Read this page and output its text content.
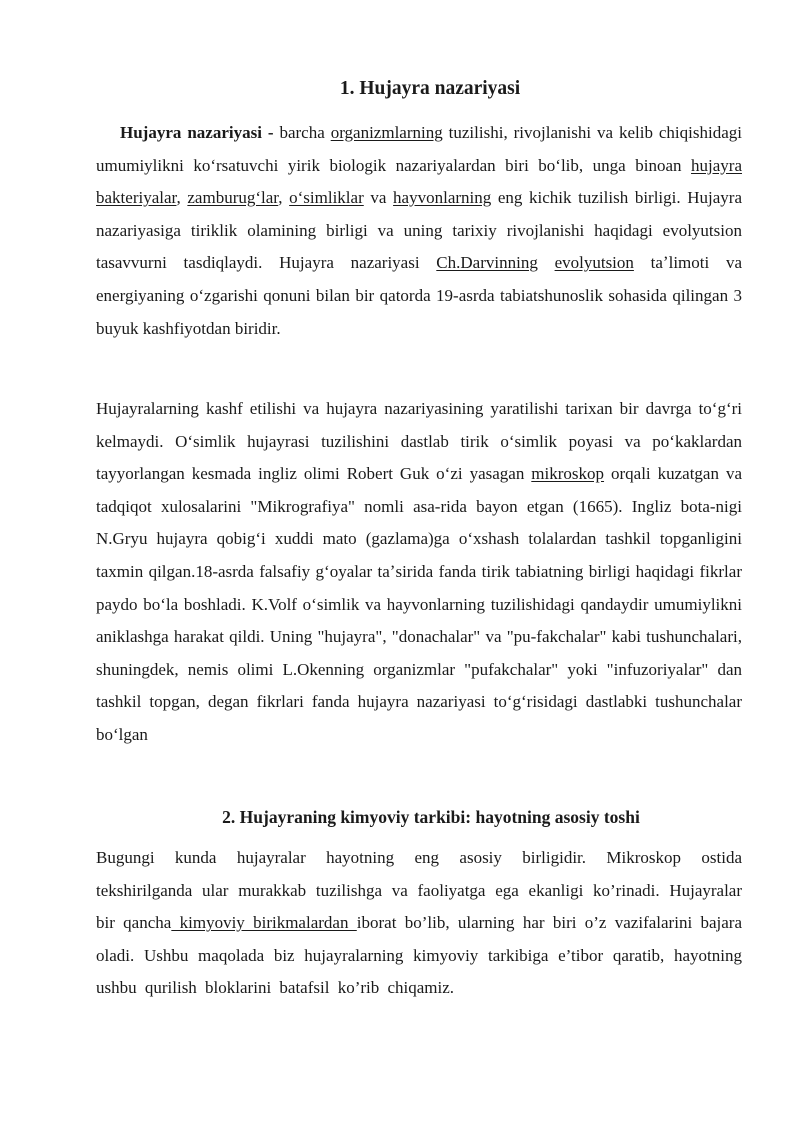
1. Hujayra nazariyasi

Hujayra nazariyasi - barcha organizmlarning tuzilishi, rivojlanishi va kelib chiqishidagi umumiylikni koʻrsatuvchi yirik biologik nazariyalardan biri boʻlib, unga binoan hujayra bakteriyalar, zamburugʻlar, oʻsimliklar va hayvonlarning eng kichik tuzilish birligi. Hujayra nazariyasiga tiriklik olamining birligi va uning tarixiy rivojlanishi haqidagi evolyutsion tasavvurni tasdiqlaydi. Hujayra nazariyasi Ch.Darvinning evolyutsion taʼlimoti va energiyaning oʻzgarishi qonuni bilan bir qatorda 19-asrda tabiatshunoslik sohasida qilingan 3 buyuk kashfiyotdan biridir.

Hujayralarning kashf etilishi va hujayra nazariyasining yaratilishi tarixan bir davrga toʻgʻri kelmaydi. Oʻsimlik hujayrasi tuzilishini dastlab tirik oʻsimlik poyasi va poʻkaklardan tayyorlangan kesmada ingliz olimi Robert Guk oʻzi yasagan mikroskop orqali kuzatgan va tadqiqot xulosalarini "Mikrografiya" nomli asa-rida bayon etgan (1665). Ingliz bota-nigi N.Gryu hujayra qobigʻi xuddi mato (gazlama)ga oʻxshash tolalardan tashkil topganligini taxmin qilgan.18-asrda falsafiy gʻoyalar taʼsirida fanda tirik tabiatning birligi haqidagi fikrlar paydo boʻla boshladi. K.Volf oʻsimlik va hayvonlarning tuzilishidagi qandaydir umumiylikni aniklashga harakat qildi. Uning "hujayra", "donachalar" va "pu-fakchalar" kabi tushunchalari, shuningdek, nemis olimi L.Okenning organizmlar "pufakchalar" yoki "infuzoriyalar" dan tashkil topgan, degan fikrlari fanda hujayra nazariyasi toʻgʻrisidagi dastlabki tushunchalar boʻlgan

2. Hujayraning kimyoviy tarkibi: hayotning asosiy toshi

Bugungi kunda hujayralar hayotning eng asosiy birligidir. Mikroskop ostida tekshirilganda ular murakkab tuzilishga va faoliyatga ega ekanligi ko’rinadi. Hujayralar bir qancha kimyoviy birikmalardan iborat bo’lib, ularning har biri o’z vazifalarini bajara oladi. Ushbu maqolada biz hujayralarning kimyoviy tarkibiga e’tibor qaratib, hayotning ushbu qurilish bloklarini batafsil ko’rib chiqamiz.
